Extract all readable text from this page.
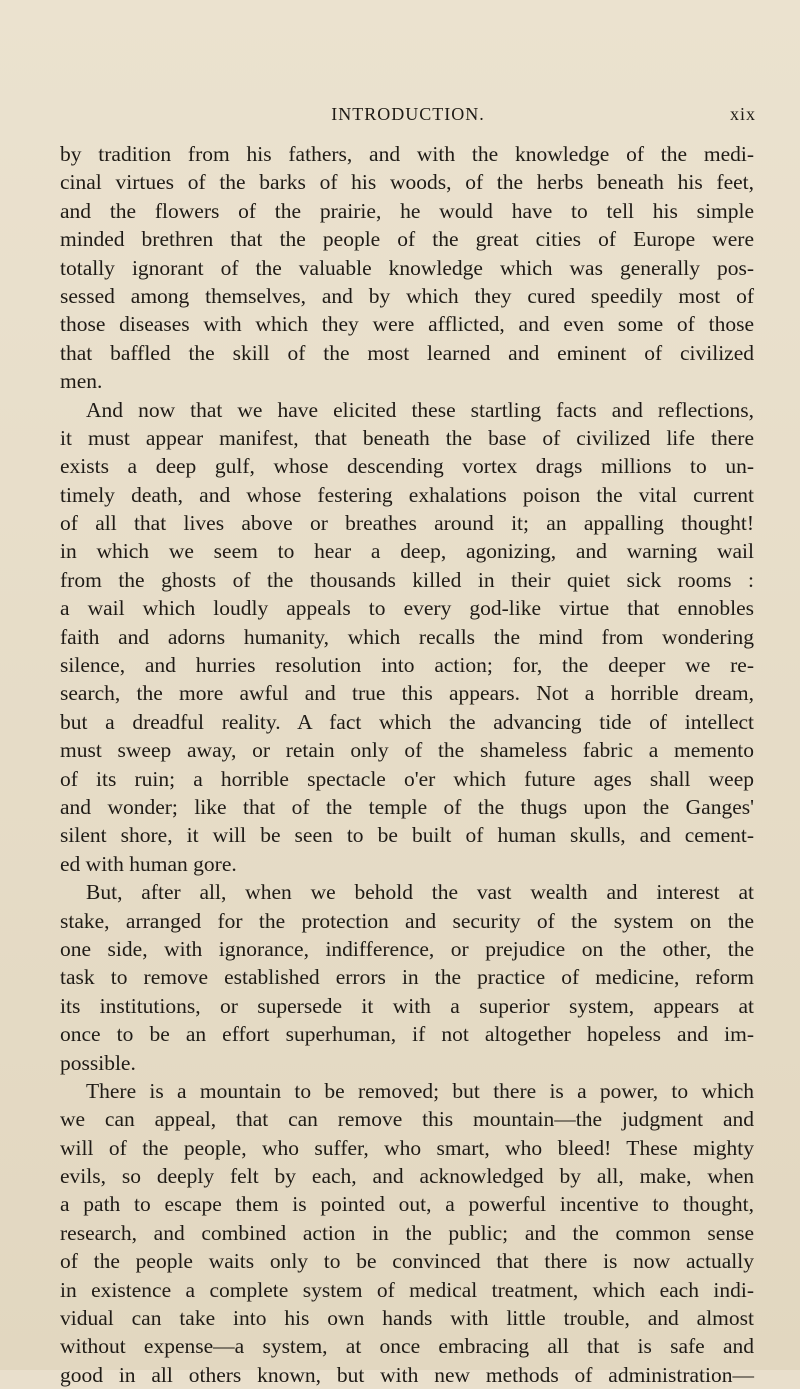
INTRODUCTION.	xix
by tradition from his fathers, and with the knowledge of the medi-
cinal virtues of the barks of his woods, of the herbs beneath his feet,
and the flowers of the prairie, he would have to tell his simple
minded brethren that the people of the great cities of Europe were
totally ignorant of the valuable knowledge which was generally pos-
sessed among themselves, and by which they cured speedily most of
those diseases with which they were afflicted, and even some of those
that baffled the skill of the most learned and eminent of civilized
men.
And now that we have elicited these startling facts and reflections,
it must appear manifest, that beneath the base of civilized life there
exists a deep gulf, whose descending vortex drags millions to un-
timely death, and whose festering exhalations poison the vital current
of all that lives above or breathes around it; an appalling thought!
in which we seem to hear a deep, agonizing, and warning wail
from the ghosts of the thousands killed in their quiet sick rooms :
a wail which loudly appeals to every god-like virtue that ennobles
faith and adorns humanity, which recalls the mind from wondering
silence, and hurries resolution into action; for, the deeper we re-
search, the more awful and true this appears. Not a horrible dream,
but a dreadful reality. A fact which the advancing tide of intellect
must sweep away, or retain only of the shameless fabric a memento
of its ruin; a horrible spectacle o'er which future ages shall weep
and wonder; like that of the temple of the thugs upon the Ganges'
silent shore, it will be seen to be built of human skulls, and cement-
ed with human gore.
But, after all, when we behold the vast wealth and interest at
stake, arranged for the protection and security of the system on the
one side, with ignorance, indifference, or prejudice on the other, the
task to remove established errors in the practice of medicine, reform
its institutions, or supersede it with a superior system, appears at
once to be an effort superhuman, if not altogether hopeless and im-
possible.
There is a mountain to be removed; but there is a power, to which
we can appeal, that can remove this mountain—the judgment and
will of the people, who suffer, who smart, who bleed! These mighty
evils, so deeply felt by each, and acknowledged by all, make, when
a path to escape them is pointed out, a powerful incentive to thought,
research, and combined action in the public; and the common sense
of the people waits only to be convinced that there is now actually
in existence a complete system of medical treatment, which each indi-
vidual can take into his own hands with little trouble, and almost
without expense—a system, at once embracing all that is safe and
good in all others known, but with new methods of administration—
